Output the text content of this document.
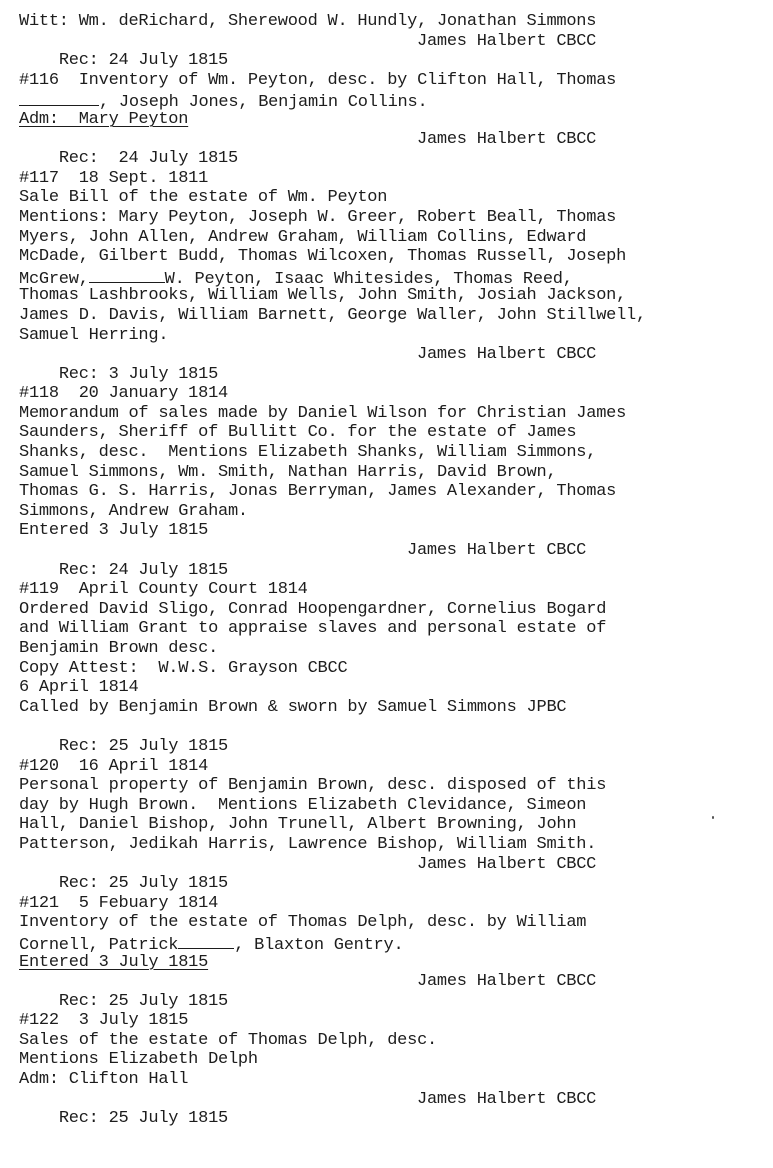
Witt: Wm. deRichard, Sherewood W. Hundly, Jonathan Simmons

Rec: 24 July 1815

James Halbert CBCC

#116  Inventory of Wm. Peyton, desc. by Clifton Hall, Thomas
, Joseph Jones, Benjamin Collins.
Adm:  Mary Peyton

Rec:  24 July 1815

James Halbert CBCC

#117  18 Sept. 1811
Sale Bill of the estate of Wm. Peyton
Mentions: Mary Peyton, Joseph W. Greer, Robert Beall, Thomas
Myers, John Allen, Andrew Graham, William Collins, Edward
McDade, Gilbert Budd, Thomas Wilcoxen, Thomas Russell, Joseph
McGrew,	W. Peyton, Isaac Whitesides, Thomas Reed,
Thomas Lashbrooks, William Wells, John Smith, Josiah Jackson,
James D. Davis, William Barnett, George Waller, John Stillwell,
Samuel Herring.

Rec: 3 July 1815

James Halbert CBCC

#118  20 January 1814
Memorandum of sales made by Daniel Wilson for Christian James
Saunders, Sheriff of Bullitt Co. for the estate of James
Shanks, desc.  Mentions Elizabeth Shanks, William Simmons,
Samuel Simmons, Wm. Smith, Nathan Harris, David Brown,
Thomas G. S. Harris, Jonas Berryman, James Alexander, Thomas
Simmons, Andrew Graham.
Entered 3 July 1815

Rec: 24 July 1815

James Halbert CBCC

#119  April County Court 1814
Ordered David Sligo, Conrad Hoopengardner, Cornelius Bogard
and William Grant to appraise slaves and personal estate of
Benjamin Brown desc.
Copy Attest:  W.W.S. Grayson CBCC
6 April 1814
Called by Benjamin Brown & sworn by Samuel Simmons JPBC

Rec: 25 July 1815

#120  16 April 1814
Personal property of Benjamin Brown, desc. disposed of this
day by Hugh Brown.  Mentions Elizabeth Clevidance, Simeon
Hall, Daniel Bishop, John Trunell, Albert Browning, John
Patterson, Jedikah Harris, Lawrence Bishop, William Smith.

Rec: 25 July 1815

James Halbert CBCC

#121  5 Febuary 1814
Inventory of the estate of Thomas Delph, desc. by William
Cornell, Patrick	, Blaxton Gentry.
Entered 3 July 1815

Rec: 25 July 1815

James Halbert CBCC

#122  3 July 1815
Sales of the estate of Thomas Delph, desc.
Mentions Elizabeth Delph
Adm: Clifton Hall

Rec: 25 July 1815

James Halbert CBCC
